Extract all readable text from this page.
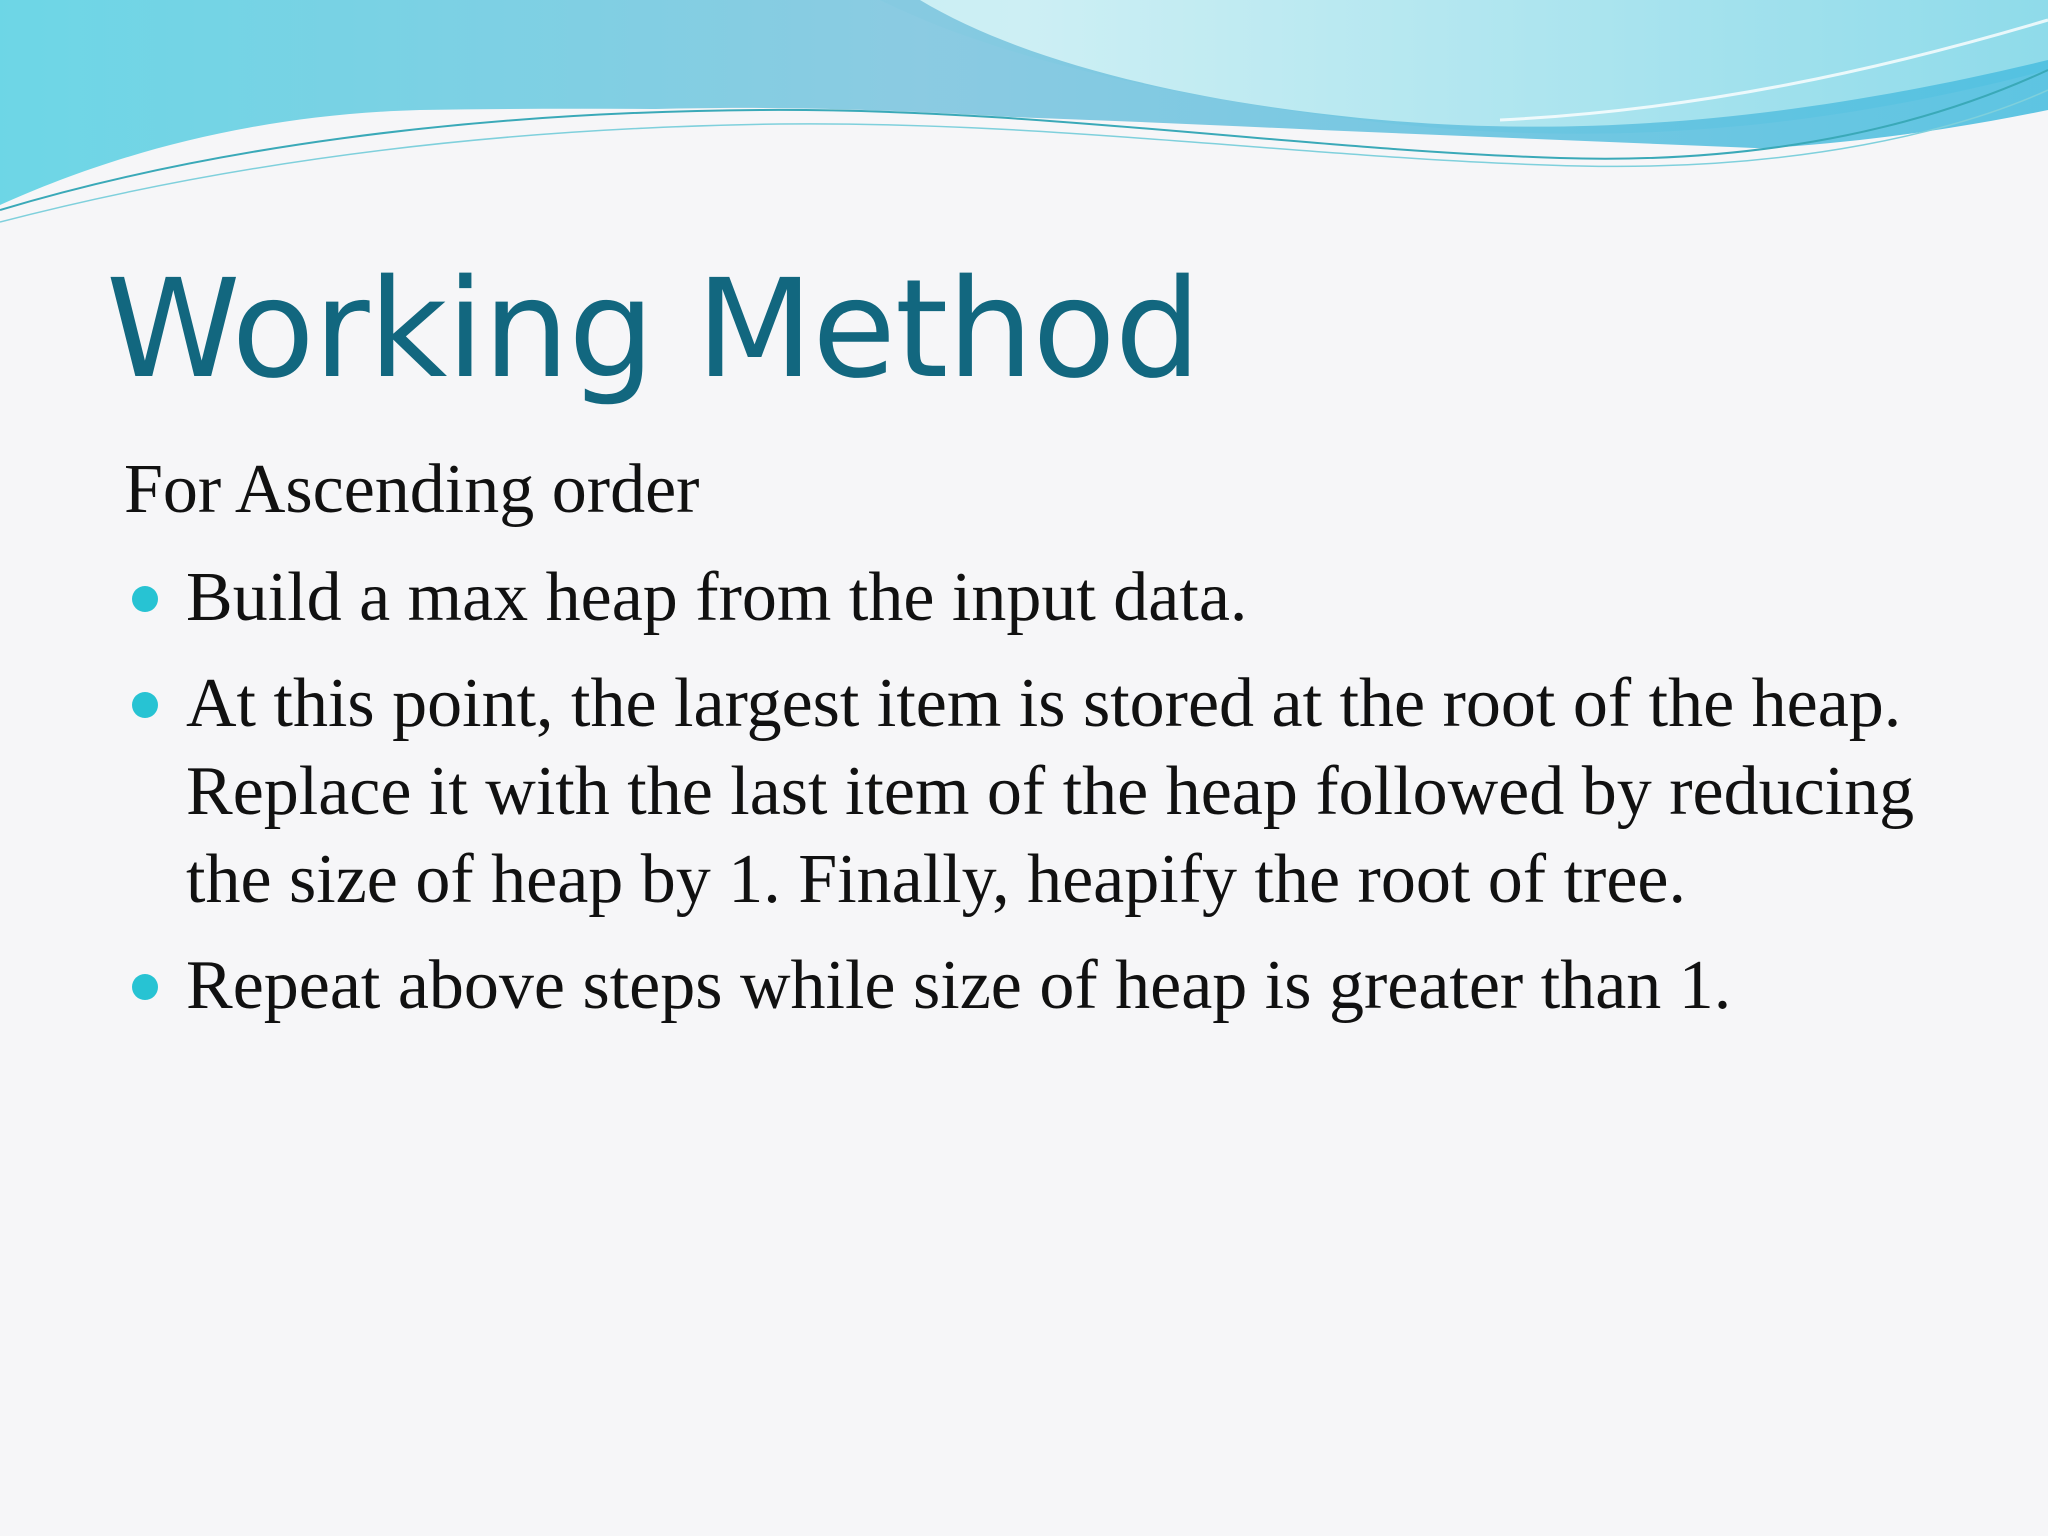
Working Method
For Ascending order
Build a max heap from the input data.
At this point, the largest item is stored at the root of the heap. Replace it with the last item of the heap followed by reducing the size of heap by 1. Finally, heapify the root of tree.
Repeat above steps while size of heap is greater than 1.
